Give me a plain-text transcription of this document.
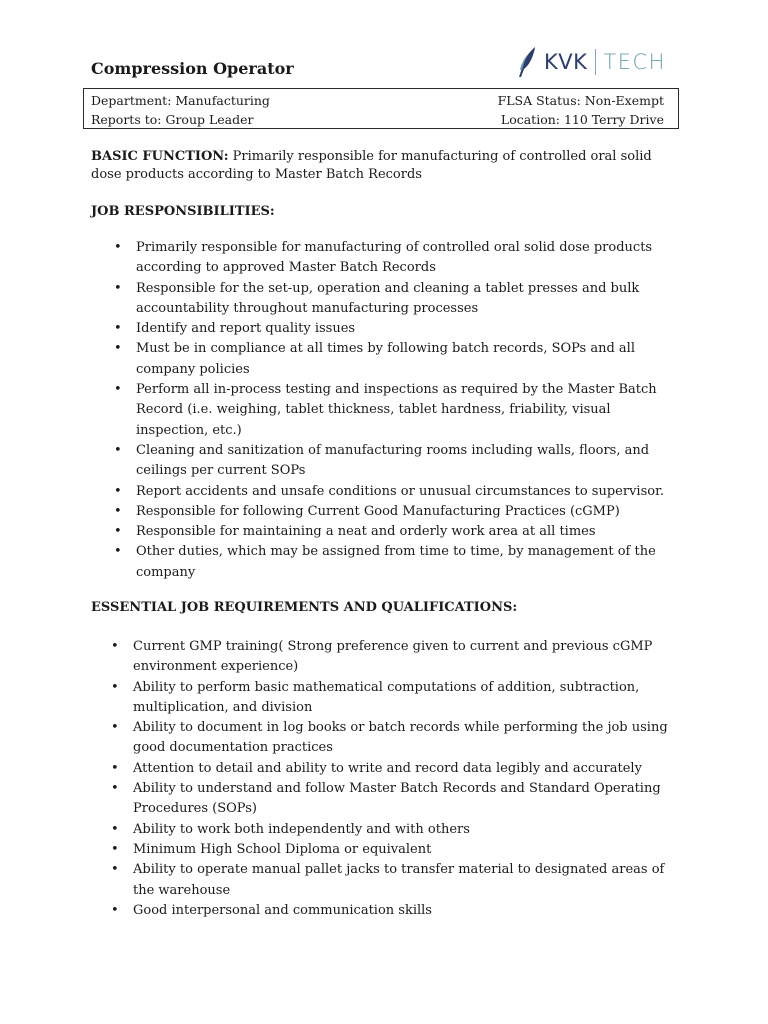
Compression Operator	KVK TECH
Department: Manufacturing	FLSA Status: Non-Exempt
Reports to: Group Leader	Location: 110 Terry Drive

BASIC FUNCTION: Primarily responsible for manufacturing of controlled oral solid dose products according to Master Batch Records

JOB RESPONSIBILITIES:
• Primarily responsible for manufacturing of controlled oral solid dose products according to approved Master Batch Records
• Responsible for the set-up, operation and cleaning a tablet presses and bulk accountability throughout manufacturing processes
• Identify and report quality issues
• Must be in compliance at all times by following batch records, SOPs and all company policies
• Perform all in-process testing and inspections as required by the Master Batch Record (i.e. weighing, tablet thickness, tablet hardness, friability, visual inspection, etc.)
• Cleaning and sanitization of manufacturing rooms including walls, floors, and ceilings per current SOPs
• Report accidents and unsafe conditions or unusual circumstances to supervisor.
• Responsible for following Current Good Manufacturing Practices (cGMP)
• Responsible for maintaining a neat and orderly work area at all times
• Other duties, which may be assigned from time to time, by management of the company
ESSENTIAL JOB REQUIREMENTS AND QUALIFICATIONS:
• Current GMP training( Strong preference given to current and previous cGMP environment experience)
• Ability to perform basic mathematical computations of addition, subtraction, multiplication, and division
• Ability to document in log books or batch records while performing the job using good documentation practices
• Attention to detail and ability to write and record data legibly and accurately
• Ability to understand and follow Master Batch Records and Standard Operating Procedures (SOPs)
• Ability to work both independently and with others
• Minimum High School Diploma or equivalent
• Ability to operate manual pallet jacks to transfer material to designated areas of the warehouse
• Good interpersonal and communication skills
